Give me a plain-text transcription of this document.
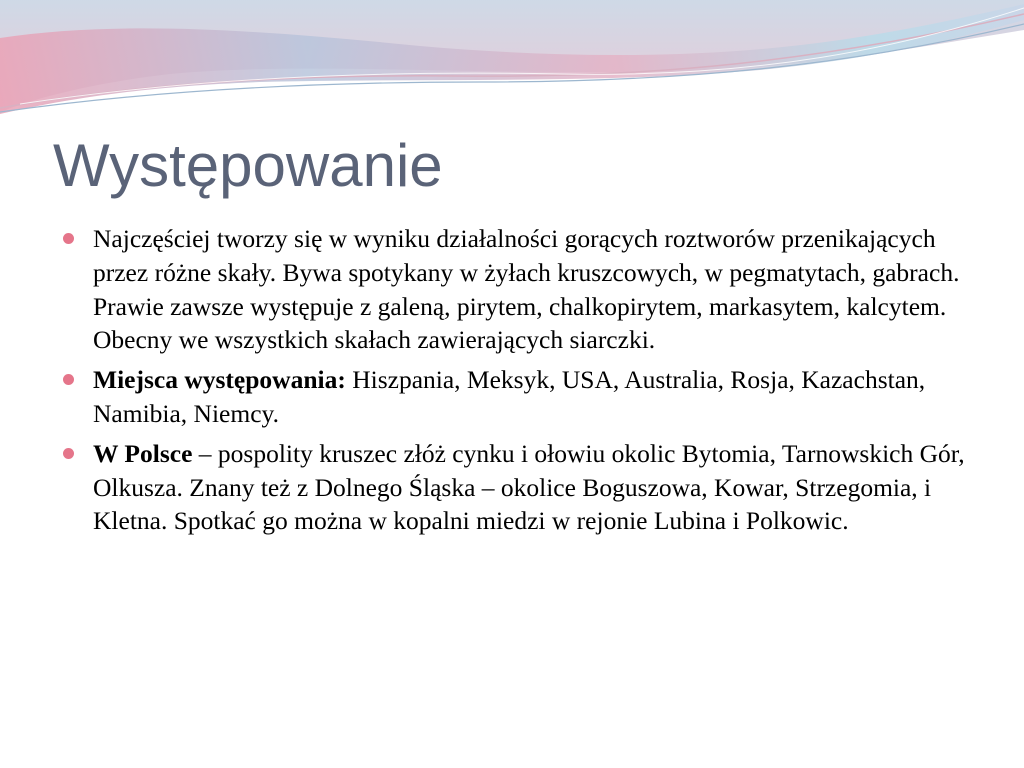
Występowanie
Najczęściej tworzy się w wyniku działalności gorących roztworów przenikających przez różne skały. Bywa spotykany w żyłach kruszcowych, w pegmatytach, gabrach. Prawie zawsze występuje z galeną, pirytem, chalkopirytem, markasytem, kalcytem. Obecny we wszystkich skałach zawierających siarczki.
Miejsca występowania: Hiszpania, Meksyk, USA, Australia, Rosja, Kazachstan, Namibia, Niemcy.
W Polsce – pospolity kruszec złóż cynku i ołowiu okolic Bytomia, Tarnowskich Gór, Olkusza. Znany też z Dolnego Śląska – okolice Boguszowa, Kowar, Strzegomia, i Kletna. Spotkać go można w kopalni miedzi w rejonie Lubina i Polkowic.
